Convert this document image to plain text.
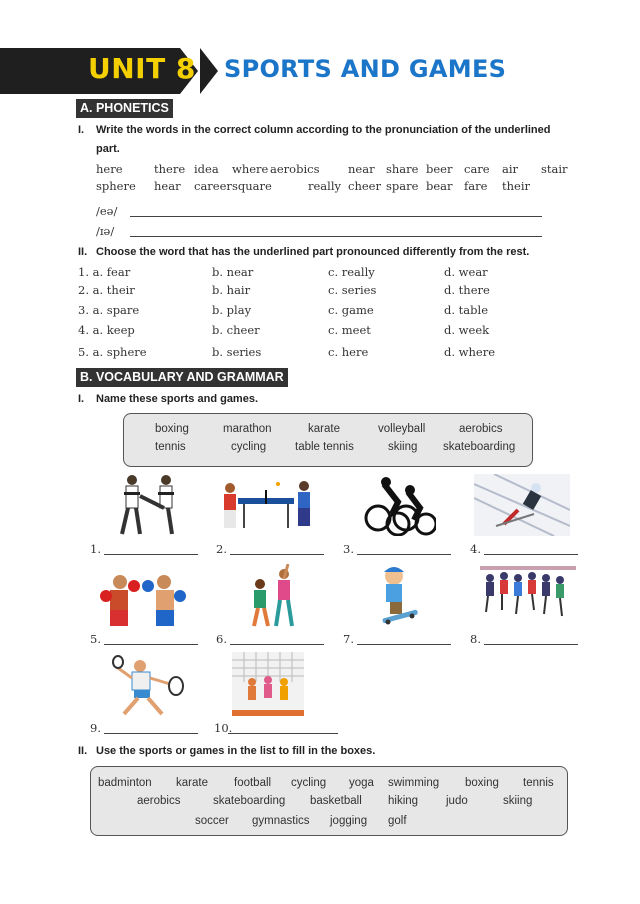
UNIT 8 SPORTS AND GAMES
A. PHONETICS
I. Write the words in the correct column according to the pronunciation of the underlined
part.
here	there idea where aerobics near share beer care air stair
sphere hear career square	really cheer spare bear fare their
/eə/
/ɪə/
II. Choose the word that has the underlined part pronounced differently from the rest.
1. a. fear	b. near	c. really	d. wear
2. a. their	b. hair	c. series	d. there
3. a. spare	b. play	c. game	d. table
4. a. keep	b. cheer	c. meet	d. week
5. a. sphere	b. series	c. here	d. where
B. VOCABULARY AND GRAMMAR
I. Name these sports and games.
boxing	marathon	karate	volleyball	aerobics
tennis	cycling	table tennis	skiing skateboarding
1.	2.	3.	4.
5.	6.	7.	8.
9.	10.
II. Use the sports or games in the list to fill in the boxes.
badminton karate football cycling yoga swimming boxing tennis
aerobics	skateboarding basketball hiking judo	skiing
soccer gymnastics jogging golf
